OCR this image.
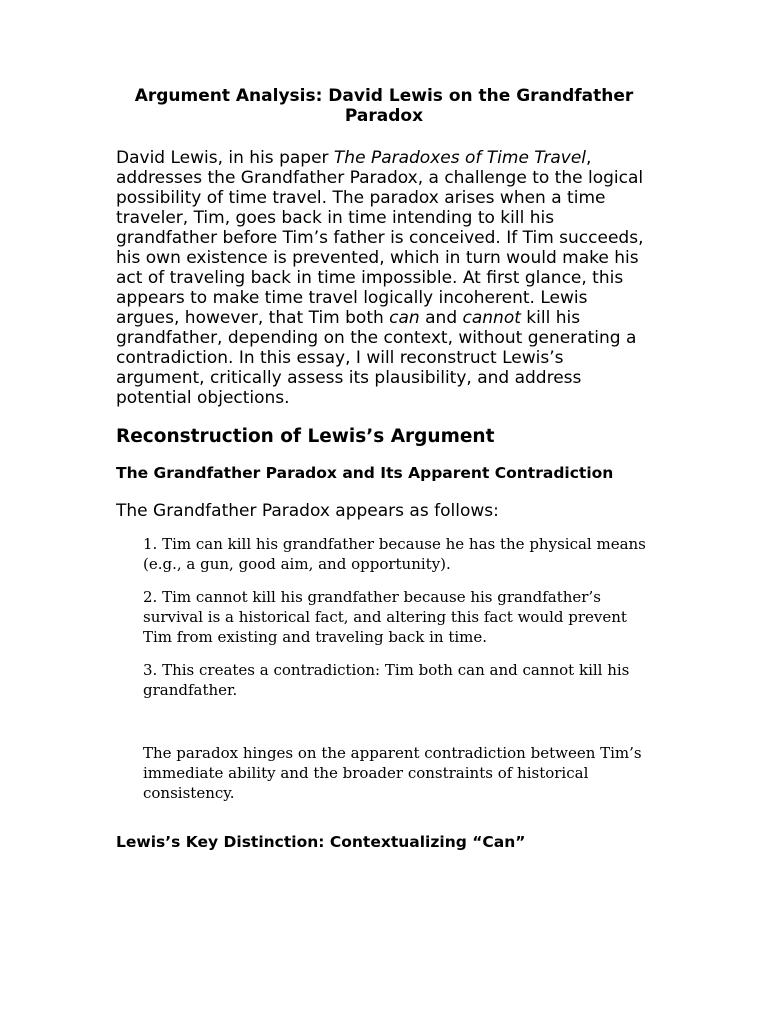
Argument Analysis: David Lewis on the Grandfather Paradox

David Lewis, in his paper The Paradoxes of Time Travel, addresses the Grandfather Paradox, a challenge to the logical possibility of time travel. The paradox arises when a time traveler, Tim, goes back in time intending to kill his grandfather before Tim’s father is conceived. If Tim succeeds, his own existence is prevented, which in turn would make his act of traveling back in time impossible. At first glance, this appears to make time travel logically incoherent. Lewis argues, however, that Tim both can and cannot kill his grandfather, depending on the context, without generating a contradiction. In this essay, I will reconstruct Lewis’s argument, critically assess its plausibility, and address potential objections.

Reconstruction of Lewis’s Argument
The Grandfather Paradox and Its Apparent Contradiction

The Grandfather Paradox appears as follows:

1. Tim can kill his grandfather because he has the physical means (e.g., a gun, good aim, and opportunity).
2. Tim cannot kill his grandfather because his grandfather’s survival is a historical fact, and altering this fact would prevent Tim from existing and traveling back in time.
3. This creates a contradiction: Tim both can and cannot kill his grandfather.

The paradox hinges on the apparent contradiction between Tim’s immediate ability and the broader constraints of historical consistency.

Lewis’s Key Distinction: Contextualizing “Can”
